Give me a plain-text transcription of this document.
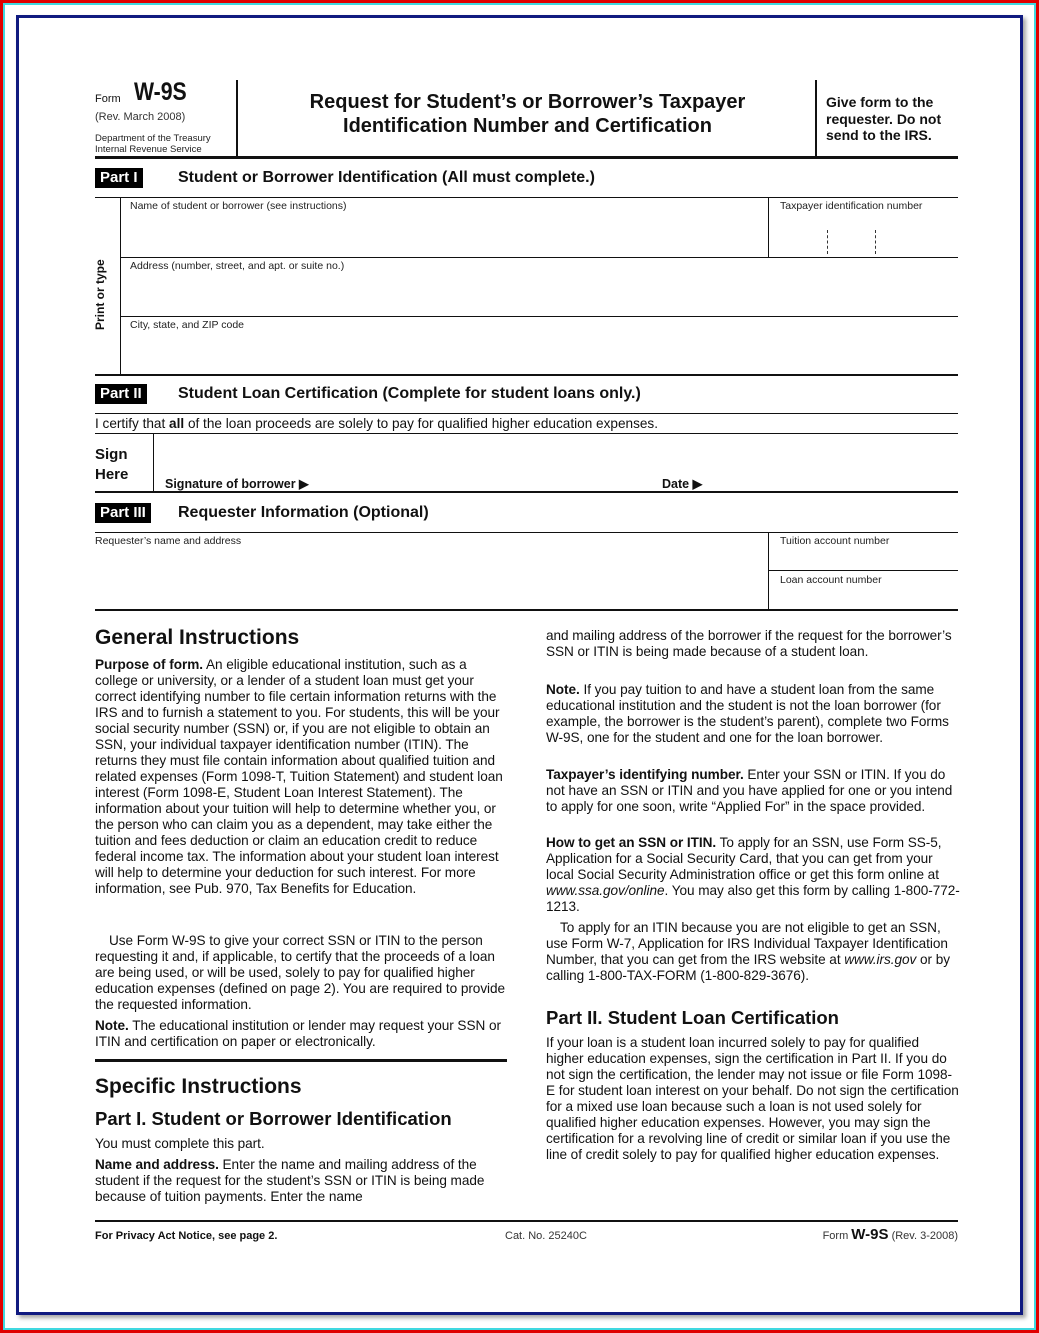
Form W-9S
(Rev. March 2008)
Department of the Treasury
Internal Revenue Service
Request for Student’s or Borrower’s Taxpayer
Identification Number and Certification
Give form to the
requester. Do not
send to the IRS.
Part I	Student or Borrower Identification (All must complete.)
Print or type
Name of student or borrower (see instructions)	Taxpayer identification number
Address (number, street, and apt. or suite no.)
City, state, and ZIP code
Part II	Student Loan Certification (Complete for student loans only.)
I certify that all of the loan proceeds are solely to pay for qualified higher education expenses.
Sign
Here
Signature of borrower ▶	Date ▶
Part III	Requester Information (Optional)
Requester’s name and address	Tuition account number
Loan account number
General Instructions
Purpose of form. An eligible educational institution, such as a college or university, or a lender of a student loan must get your correct identifying number to file certain information returns with the IRS and to furnish a statement to you. For students, this will be your social security number (SSN) or, if you are not eligible to obtain an SSN, your individual taxpayer identification number (ITIN). The returns they must file contain information about qualified tuition and related expenses (Form 1098-T, Tuition Statement) and student loan interest (Form 1098-E, Student Loan Interest Statement). The information about your tuition will help to determine whether you, or the person who can claim you as a dependent, may take either the tuition and fees deduction or claim an education credit to reduce federal income tax. The information about your student loan interest will help to determine your deduction for such interest. For more information, see Pub. 970, Tax Benefits for Education.
Use Form W-9S to give your correct SSN or ITIN to the person requesting it and, if applicable, to certify that the proceeds of a loan are being used, or will be used, solely to pay for qualified higher education expenses (defined on page 2). You are required to provide the requested information.
Note. The educational institution or lender may request your SSN or ITIN and certification on paper or electronically.
Specific Instructions
Part I. Student or Borrower Identification
You must complete this part.
Name and address. Enter the name and mailing address of the student if the request for the student’s SSN or ITIN is being made because of tuition payments. Enter the name
and mailing address of the borrower if the request for the borrower’s SSN or ITIN is being made because of a student loan.
Note. If you pay tuition to and have a student loan from the same educational institution and the student is not the loan borrower (for example, the borrower is the student’s parent), complete two Forms W-9S, one for the student and one for the loan borrower.
Taxpayer’s identifying number. Enter your SSN or ITIN. If you do not have an SSN or ITIN and you have applied for one or you intend to apply for one soon, write “Applied For” in the space provided.
How to get an SSN or ITIN. To apply for an SSN, use Form SS-5, Application for a Social Security Card, that you can get from your local Social Security Administration office or get this form online at www.ssa.gov/online. You may also get this form by calling 1-800-772-1213.
To apply for an ITIN because you are not eligible to get an SSN, use Form W-7, Application for IRS Individual Taxpayer Identification Number, that you can get from the IRS website at www.irs.gov or by calling 1-800-TAX-FORM (1-800-829-3676).
Part II. Student Loan Certification
If your loan is a student loan incurred solely to pay for qualified higher education expenses, sign the certification in Part II. If you do not sign the certification, the lender may not issue or file Form 1098-E for student loan interest on your behalf. Do not sign the certification for a mixed use loan because such a loan is not used solely for qualified higher education expenses. However, you may sign the certification for a revolving line of credit or similar loan if you use the line of credit solely to pay for qualified higher education expenses.
For Privacy Act Notice, see page 2.	Cat. No. 25240C	Form W-9S (Rev. 3-2008)
